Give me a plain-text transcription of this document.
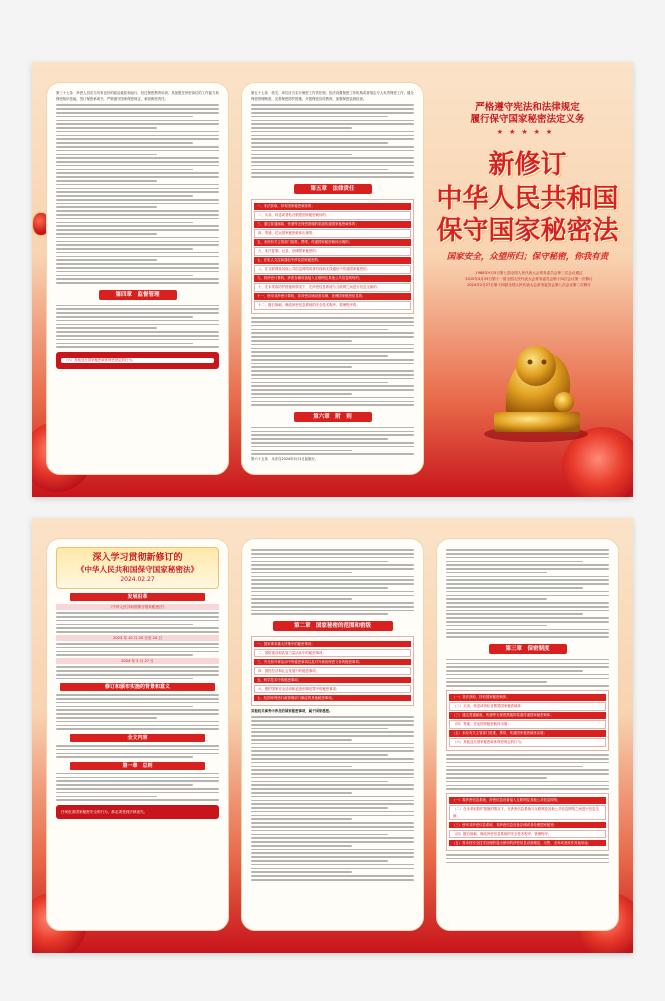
第三十七条　涉密人员应当具有良好的政治素质和品行，经过保密教育培训，具备胜任涉密岗位的工作能力和保密知识技能，签订保密承诺书，严格遵守国家保密规定，承担保密责任。
第四章　监督管理
（六）其他违反国家秘密载体保密规定的行为。
第五十七条　机关、单位应当实行保密工作责任制，依法设置保密工作机构或者指定专人负责保密工作，健全保密管理制度，完善保密防护措施，开展保密宣传教育，加强保密监督检查。
第五章　法律责任
一、非法获取、持有国家秘密载体的；
二、买卖、转送或者私自销毁国家秘密载体的；
三、通过普通邮政、快递等无保密措施的渠道传递国家秘密载体的；
四、寄递、托运国家秘密载体出境的；
五、未经有关主管部门批准，携带、传递国家秘密载体出境的；
六、非法复制、记录、存储国家秘密的；
七、在私人交往和通信中涉及国家秘密的；
八、在互联网及其他公共信息网络或者有线和无线通信中传递国家秘密的；
九、将涉密计算机、涉密存储设备接入互联网及其他公共信息网络的；
十、在未采取防护措施的情况下，在涉密信息系统与互联网之间进行信息交换的；
十一、使用非涉密计算机、非涉密存储设备存储、处理国家秘密信息的；
十二、擅自卸载、修改涉密信息系统的安全技术程序、管理程序的；
第六章　附　则
第六十五条　本法自2024年5月1日起施行。
严格遵守宪法和法律规定
履行保守国家秘密法定义务
★★★★★
新修订
中华人民共和国
保守国家秘密法
国家安全，众望所归；保守秘密，你我有责
1988年9月5日第七届全国人民代表大会常务委员会第三次会议通过
2010年4月29日第十一届全国人民代表大会常务委员会第十四次会议第一次修订
2024年2月27日第十四届全国人民代表大会常务委员会第八次会议第二次修订
深入学习贯彻新修订的
《中华人民共和国保守国家秘密法》
2024.02.27
发展沿革
《中华人民共和国保守国家秘密法》
2023 年 10 月 20 日至 24 日
2024 年 2 月 27 日
修订和颁布实施的背景和意义
全文内容
第一章　总则
任何危害国家秘密安全的行为，都必须受到法律追究。
第二章　国家秘密的范围和密级
一、国家事务重大决策中的秘密事项；
二、国防建设和武装力量活动中的秘密事项；
三、外交和外事活动中的秘密事项以及对外承担保密义务的秘密事项；
四、国民经济和社会发展中的秘密事项；
五、科学技术中的秘密事项；
六、维护国家安全活动和追查刑事犯罪中的秘密事项；
七、经国家保密行政管理部门确定的其他秘密事项。
其他机关事务中涉及的国家秘密事项，属于国家秘密。
第三章　保密制度
（一）非法获取、持有国家秘密载体；
（二）买卖、转送或者私自销毁国家秘密载体；
（三）通过普通邮政、快递等无保密措施的渠道传递国家秘密载体；
（四）寄递、托运国家秘密载体出境；
（五）未经有关主管部门批准，携带、传递国家秘密载体出境；
（六）其他违反国家秘密载体保密规定的行为。
（一）将涉密信息系统、涉密信息设备接入互联网及其他公共信息网络；
（二）在未采取防护措施的情况下，在涉密信息系统与互联网及其他公共信息网络之间进行信息交换；
（三）使用非涉密信息系统、非涉密信息设备存储或者处理国家秘密；
（四）擅自卸载、修改涉密信息系统的安全技术程序、管理程序；
（五）将未经安全技术处理的退出使用的涉密信息设备赠送、出售、丢弃或者改作其他用途；
